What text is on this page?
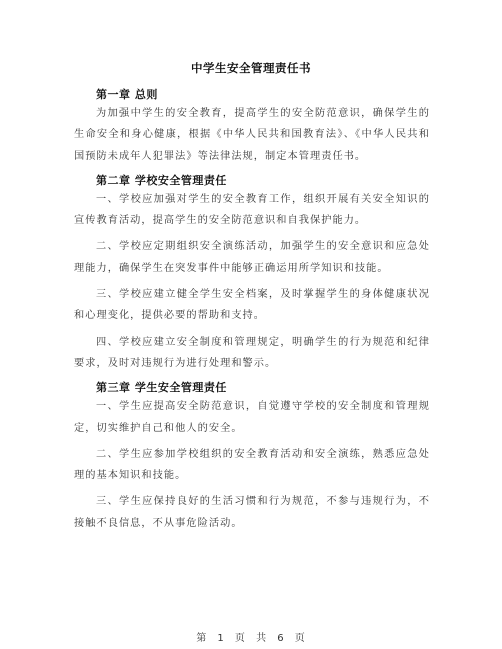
中学生安全管理责任书
第一章 总则

为加强中学生的安全教育，提高学生的安全防范意识，确保学生的生命安全和身心健康，根据《中华人民共和国教育法》、《中华人民共和国预防未成年人犯罪法》等法律法规，制定本管理责任书。

第二章 学校安全管理责任

一、学校应加强对学生的安全教育工作，组织开展有关安全知识的宣传教育活动，提高学生的安全防范意识和自我保护能力。

二、学校应定期组织安全演练活动，加强学生的安全意识和应急处理能力，确保学生在突发事件中能够正确运用所学知识和技能。

三、学校应建立健全学生安全档案，及时掌握学生的身体健康状况和心理变化，提供必要的帮助和支持。

四、学校应建立安全制度和管理规定，明确学生的行为规范和纪律要求，及时对违规行为进行处理和警示。

第三章 学生安全管理责任

一、学生应提高安全防范意识，自觉遵守学校的安全制度和管理规定，切实维护自己和他人的安全。

二、学生应参加学校组织的安全教育活动和安全演练，熟悉应急处理的基本知识和技能。

三、学生应保持良好的生活习惯和行为规范，不参与违规行为，不接触不良信息，不从事危险活动。

第 1 页 共 6 页
